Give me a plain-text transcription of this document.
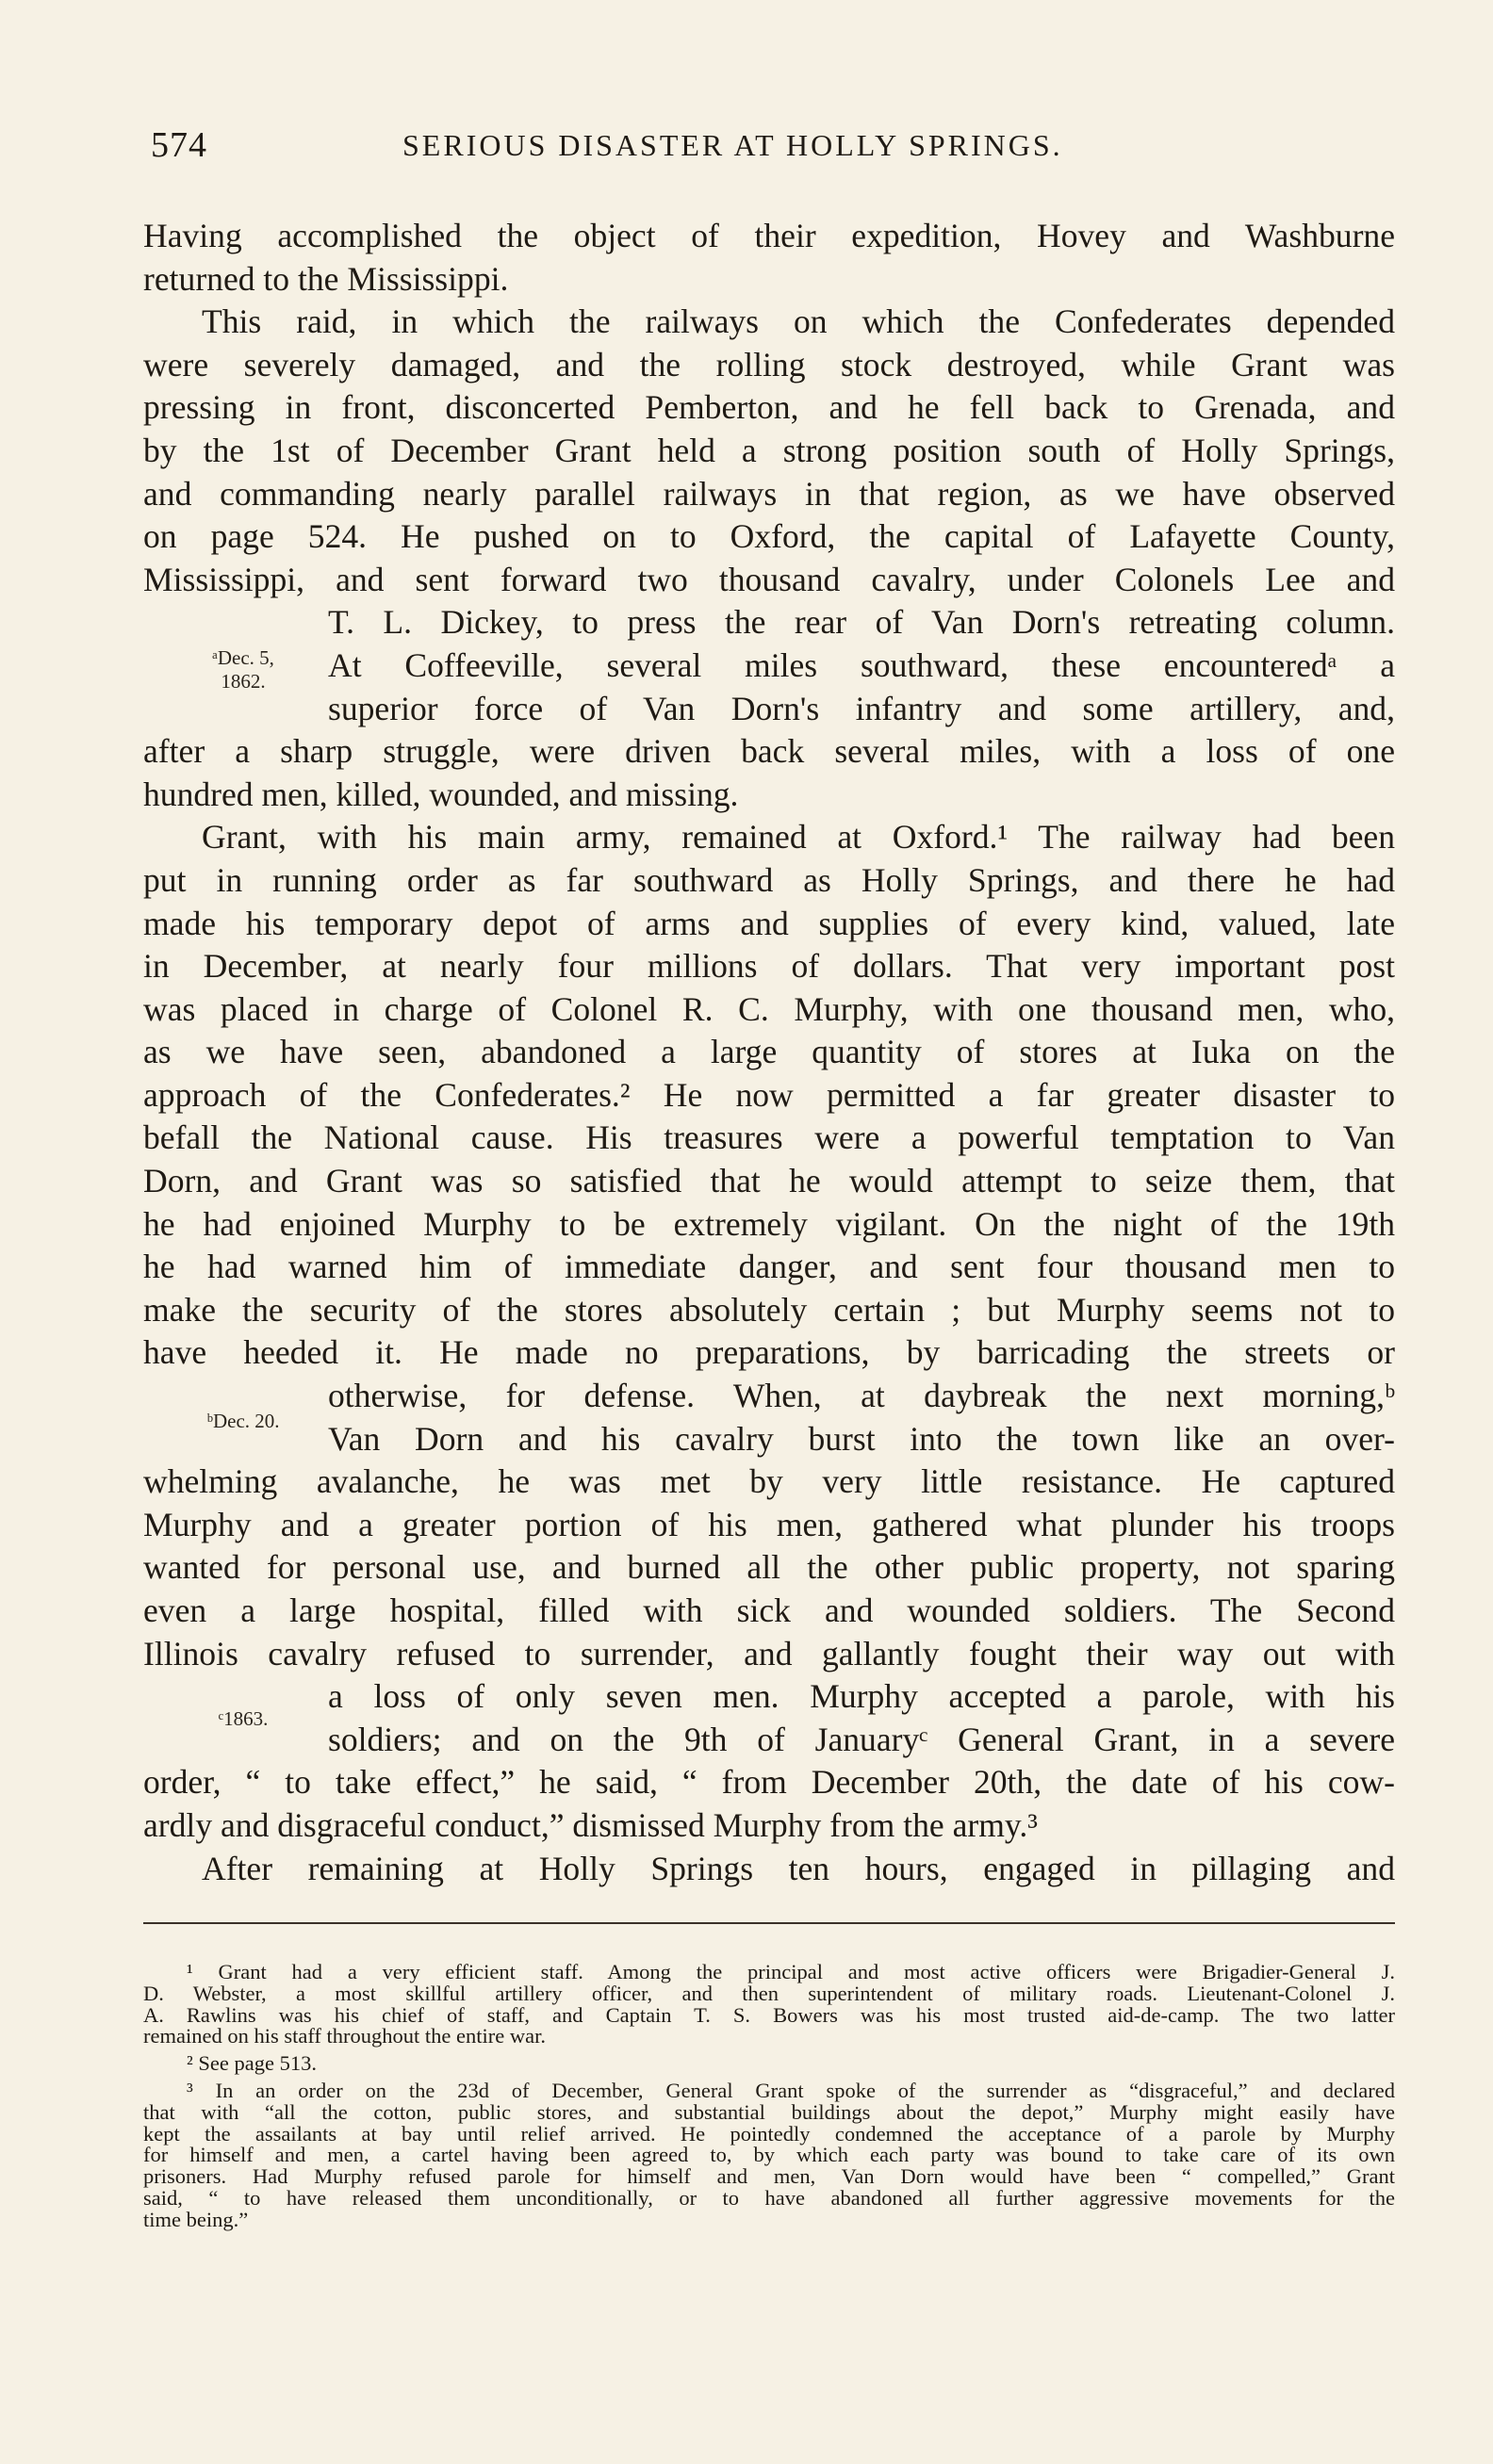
574	SERIOUS DISASTER AT HOLLY SPRINGS.
Having accomplished the object of their expedition, Hovey and Washburne
returned to the Mississippi.
This raid, in which the railways on which the Confederates depended
were severely damaged, and the rolling stock destroyed, while Grant was
pressing in front, disconcerted Pemberton, and he fell back to Grenada, and
by the 1st of December Grant held a strong position south of Holly Springs,
and commanding nearly parallel railways in that region, as we have observed
on page 524. He pushed on to Oxford, the capital of Lafayette County,
Mississippi, and sent forward two thousand cavalry, under Colonels Lee and
T. L. Dickey, to press the rear of Van Dorn's retreating column.
At Coffeeville, several miles southward, these encounteredᵃ a
superior force of Van Dorn's infantry and some artillery, and,
after a sharp struggle, were driven back several miles, with a loss of one
hundred men, killed, wounded, and missing.
Grant, with his main army, remained at Oxford.¹ The railway had been
put in running order as far southward as Holly Springs, and there he had
made his temporary depot of arms and supplies of every kind, valued, late
in December, at nearly four millions of dollars. That very important post
was placed in charge of Colonel R. C. Murphy, with one thousand men, who,
as we have seen, abandoned a large quantity of stores at Iuka on the
approach of the Confederates.² He now permitted a far greater disaster to
befall the National cause. His treasures were a powerful temptation to Van
Dorn, and Grant was so satisfied that he would attempt to seize them, that
he had enjoined Murphy to be extremely vigilant. On the night of the 19th
he had warned him of immediate danger, and sent four thousand men to
make the security of the stores absolutely certain ; but Murphy seems not to
have heeded it. He made no preparations, by barricading the streets or
otherwise, for defense. When, at daybreak the next morning,ᵇ
Van Dorn and his cavalry burst into the town like an over-
whelming avalanche, he was met by very little resistance. He captured
Murphy and a greater portion of his men, gathered what plunder his troops
wanted for personal use, and burned all the other public property, not sparing
even a large hospital, filled with sick and wounded soldiers. The Second
Illinois cavalry refused to surrender, and gallantly fought their way out with
a loss of only seven men. Murphy accepted a parole, with his
soldiers; and on the 9th of Januaryᶜ General Grant, in a severe
order, “ to take effect,” he said, “ from December 20th, the date of his cow-
ardly and disgraceful conduct,” dismissed Murphy from the army.³
After remaining at Holly Springs ten hours, engaged in pillaging and
ᵃDec. 5,
1862.
ᵇDec. 20.
ᶜ1863.
¹ Grant had a very efficient staff. Among the principal and most active officers were Brigadier-General J.
D. Webster, a most skillful artillery officer, and then superintendent of military roads. Lieutenant-Colonel J.
A. Rawlins was his chief of staff, and Captain T. S. Bowers was his most trusted aid-de-camp. The two latter
remained on his staff throughout the entire war.
² See page 513.
³ In an order on the 23d of December, General Grant spoke of the surrender as “disgraceful,” and declared
that with “all the cotton, public stores, and substantial buildings about the depot,” Murphy might easily have
kept the assailants at bay until relief arrived. He pointedly condemned the acceptance of a parole by Murphy
for himself and men, a cartel having been agreed to, by which each party was bound to take care of its own
prisoners. Had Murphy refused parole for himself and men, Van Dorn would have been “ compelled,” Grant
said, “ to have released them unconditionally, or to have abandoned all further aggressive movements for the
time being.”
